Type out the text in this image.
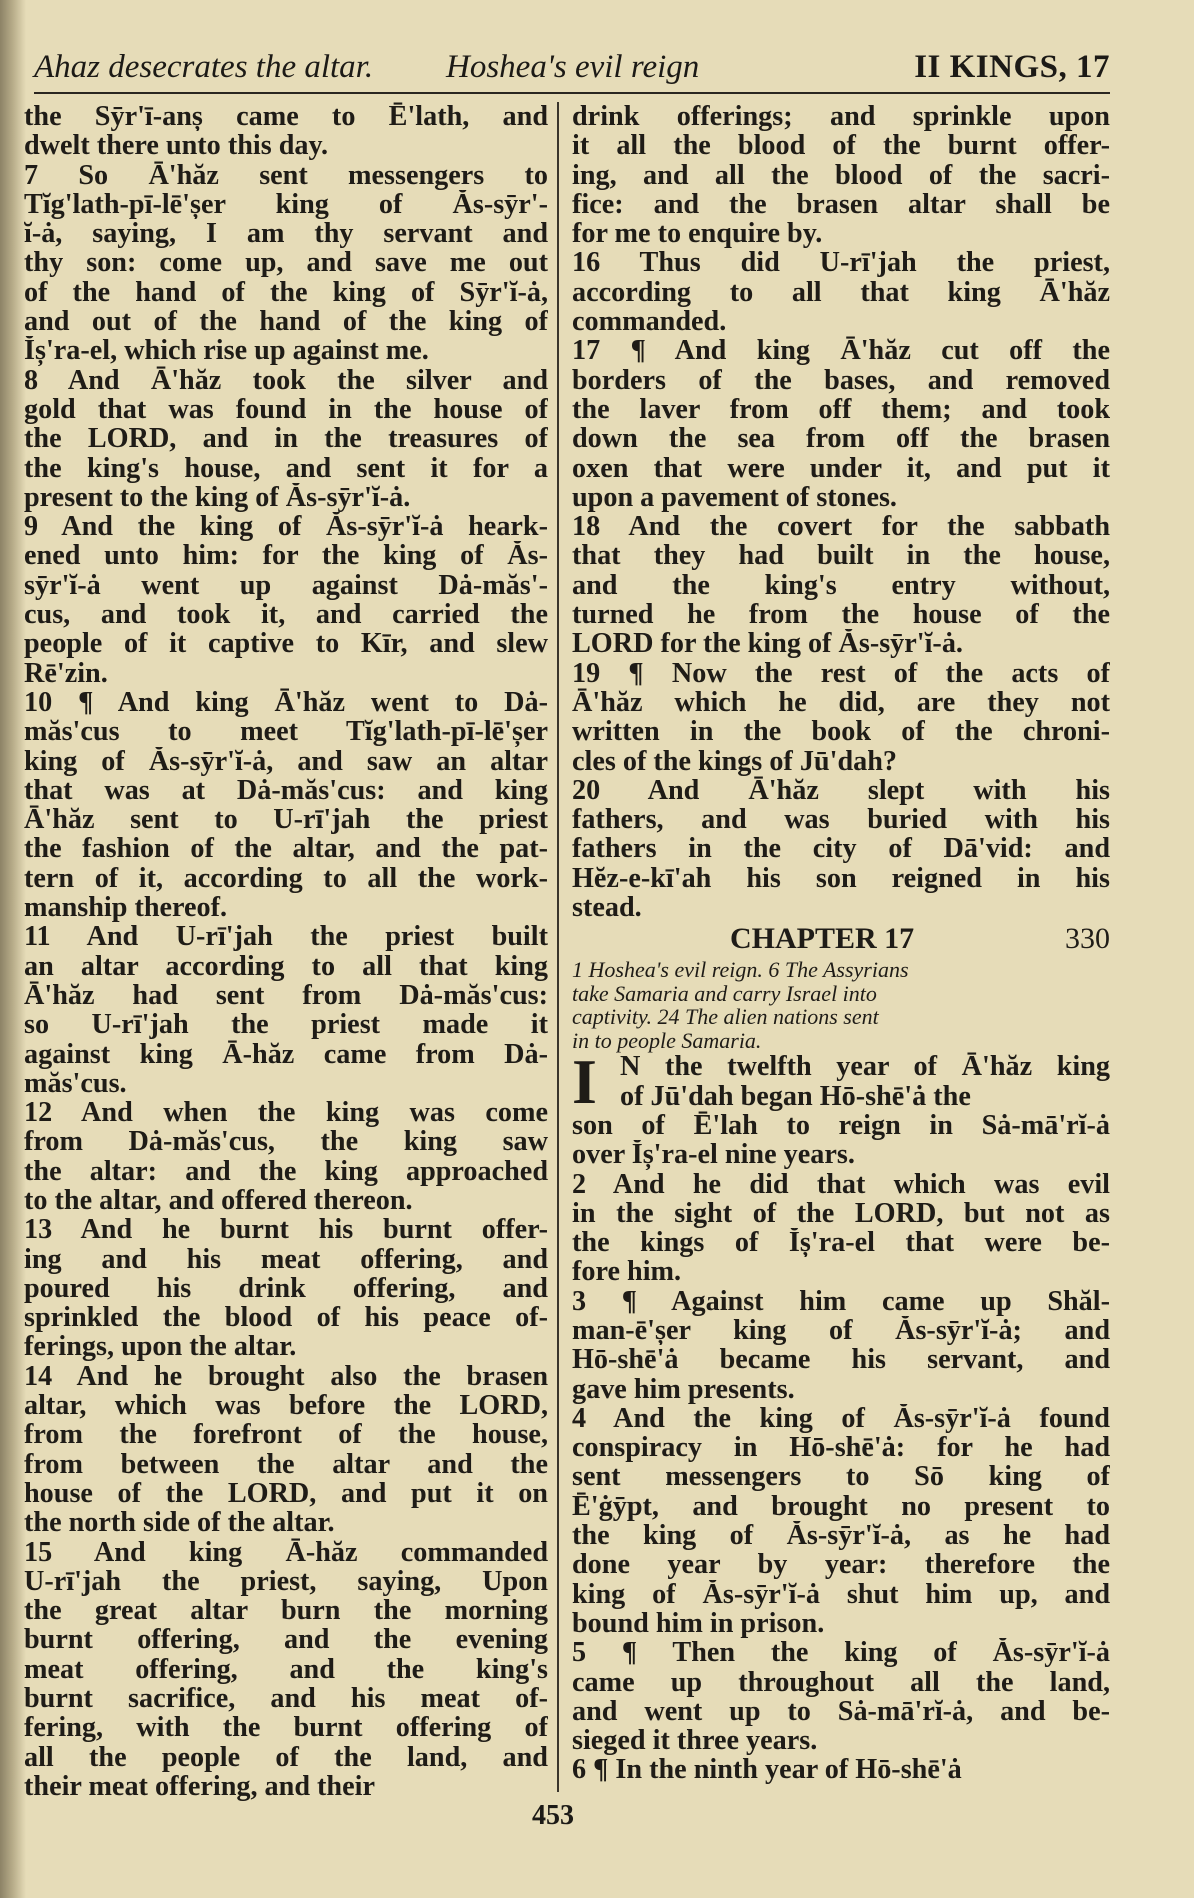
Ahaz desecrates the altar. Hoshea's evil reign	II KINGS, 17
the Sӯr'ī-anș came to Ē'lath, and
dwelt there unto this day.
7 So Ā'hăz sent messengers to
Tĭg'lath-pī-lē'șer king of Ăs-sӯr'-
ĭ-ȧ, saying, I am thy servant and
thy son: come up, and save me out
of the hand of the king of Sӯr'ĭ-ȧ,
and out of the hand of the king of
Ĭș'ra-el, which rise up against me.
8 And Ā'hăz took the silver and
gold that was found in the house of
the LORD, and in the treasures of
the king's house, and sent it for a
present to the king of Ăs-sӯr'ĭ-ȧ.
9 And the king of Ăs-sӯr'ĭ-ȧ heark-
ened unto him: for the king of Ăs-
sӯr'ĭ-ȧ went up against Dȧ-măs'-
cus, and took it, and carried the
people of it captive to Kīr, and slew
Rē'zin.
10 ¶ And king Ā'hăz went to Dȧ-
măs'cus to meet Tĭg'lath-pī-lē'șer
king of Ăs-sӯr'ĭ-ȧ, and saw an altar
that was at Dȧ-măs'cus: and king
Ā'hăz sent to U-rī'jah the priest
the fashion of the altar, and the pat-
tern of it, according to all the work-
manship thereof.
11 And U-rī'jah the priest built
an altar according to all that king
Ā'hăz had sent from Dȧ-măs'cus:
so U-rī'jah the priest made it
against king Ā-hăz came from Dȧ-
măs'cus.
12 And when the king was come
from Dȧ-măs'cus, the king saw
the altar: and the king approached
to the altar, and offered thereon.
13 And he burnt his burnt offer-
ing and his meat offering, and
poured his drink offering, and
sprinkled the blood of his peace of-
ferings, upon the altar.
14 And he brought also the brasen
altar, which was before the LORD,
from the forefront of the house,
from between the altar and the
house of the LORD, and put it on
the north side of the altar.
15 And king Ā-hăz commanded
U-rī'jah the priest, saying, Upon
the great altar burn the morning
burnt offering, and the evening
meat offering, and the king's
burnt sacrifice, and his meat of-
fering, with the burnt offering of
all the people of the land, and
their meat offering, and their
drink offerings; and sprinkle upon
it all the blood of the burnt offer-
ing, and all the blood of the sacri-
fice: and the brasen altar shall be
for me to enquire by.
16 Thus did U-rī'jah the priest,
according to all that king Ā'hăz
commanded.
17 ¶ And king Ā'hăz cut off the
borders of the bases, and removed
the laver from off them; and took
down the sea from off the brasen
oxen that were under it, and put it
upon a pavement of stones.
18 And the covert for the sabbath
that they had built in the house,
and the king's entry without,
turned he from the house of the
LORD for the king of Ăs-sӯr'ĭ-ȧ.
19 ¶ Now the rest of the acts of
Ā'hăz which he did, are they not
written in the book of the chroni-
cles of the kings of Jū'dah?
20 And Ā'hăz slept with his
fathers, and was buried with his
fathers in the city of Dā'vid: and
Hĕz-e-kī'ah his son reigned in his
stead.
CHAPTER 17	330
1 Hoshea's evil reign. 6 The Assyrians
take Samaria and carry Israel into
captivity. 24 The alien nations sent
in to people Samaria.
I N the twelfth year of Ā'hăz king
of Jū'dah began Hō-shē'ȧ the
son of Ē'lah to reign in Sȧ-mā'rĭ-ȧ
over Ĭș'ra-el nine years.
2 And he did that which was evil
in the sight of the LORD, but not as
the kings of Ĭș'ra-el that were be-
fore him.
3 ¶ Against him came up Shăl-
man-ē'șer king of Ăs-sӯr'ĭ-ȧ; and
Hō-shē'ȧ became his servant, and
gave him presents.
4 And the king of Ăs-sӯr'ĭ-ȧ found
conspiracy in Hō-shē'ȧ: for he had
sent messengers to Sō king of
Ē'ġӯpt, and brought no present to
the king of Ăs-sӯr'ĭ-ȧ, as he had
done year by year: therefore the
king of Ăs-sӯr'ĭ-ȧ shut him up, and
bound him in prison.
5 ¶ Then the king of Ăs-sӯr'ĭ-ȧ
came up throughout all the land,
and went up to Sȧ-mā'rĭ-ȧ, and be-
sieged it three years.
6 ¶ In the ninth year of Hō-shē'ȧ
453
